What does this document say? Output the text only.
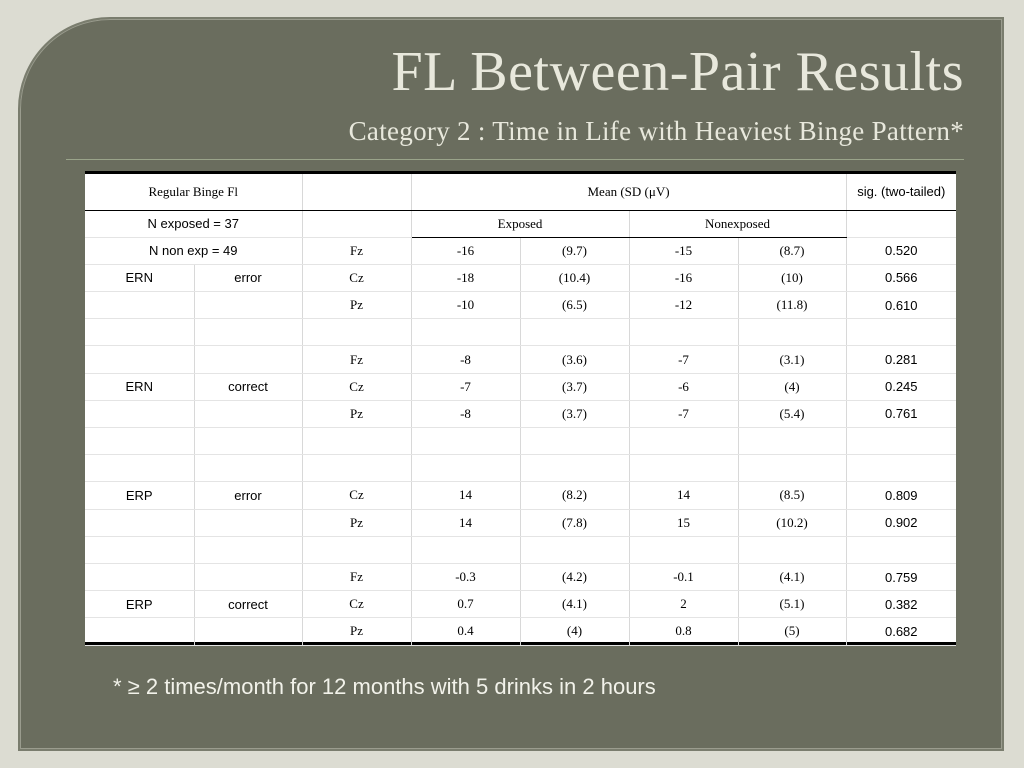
FL Between-Pair Results
Category 2 : Time in Life with Heaviest Binge Pattern*
Regular Binge Fl			Mean (SD (μV)				sig. (two-tailed)
N exposed = 37			Exposed		Nonexposed		
N non exp = 49		Fz	-16	(9.7)	-15	(8.7)	0.520
ERN	error	Cz	-18	(10.4)	-16	(10)	0.566
		Pz	-10	(6.5)	-12	(11.8)	0.610

		Fz	-8	(3.6)	-7	(3.1)	0.281
ERN	correct	Cz	-7	(3.7)	-6	(4)	0.245
		Pz	-8	(3.7)	-7	(5.4)	0.761

ERP	error	Cz	14	(8.2)	14	(8.5)	0.809
		Pz	14	(7.8)	15	(10.2)	0.902

		Fz	-0.3	(4.2)	-0.1	(4.1)	0.759
ERP	correct	Cz	0.7	(4.1)	2	(5.1)	0.382
		Pz	0.4	(4)	0.8	(5)	0.682
* ≥ 2 times/month for 12 months with 5 drinks in 2 hours
